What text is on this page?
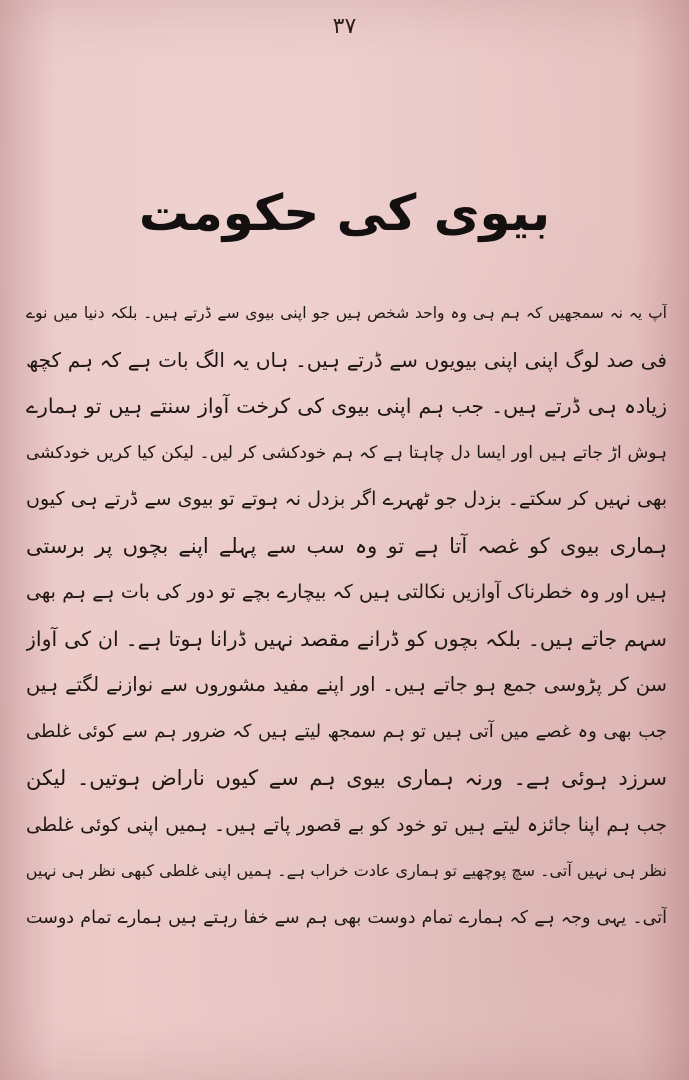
۳۷
بیوی کی حکومت
آپ یہ نہ سمجھیں کہ ہم ہی وہ واحد شخص ہیں جو اپنی بیوی سے ڈرتے ہیں۔ بلکہ دنیا میں نوے
فی صد لوگ اپنی اپنی بیویوں سے ڈرتے ہیں۔ ہاں یہ الگ بات ہے کہ ہم کچھ
زیادہ ہی ڈرتے ہیں۔ جب ہم اپنی بیوی کی کرخت آواز سنتے ہیں تو ہمارے
ہوش اڑ جاتے ہیں اور ایسا دل چاہتا ہے کہ ہم خودکشی کر لیں۔ لیکن کیا کریں خودکشی
بھی نہیں کر سکتے۔ بزدل جو ٹھہرے اگر بزدل نہ ہوتے تو بیوی سے ڈرتے ہی کیوں
ہماری بیوی کو غصہ آتا ہے تو وہ سب سے پہلے اپنے بچوں پر برستی
ہیں اور وہ خطرناک آوازیں نکالتی ہیں کہ بیچارے بچے تو دور کی بات ہے ہم بھی
سہم جاتے ہیں۔ بلکہ بچوں کو ڈرانے مقصد نہیں ڈرانا ہوتا ہے۔ ان کی آواز
سن کر پڑوسی جمع ہو جاتے ہیں۔ اور اپنے مفید مشوروں سے نوازنے لگتے ہیں
جب بھی وہ غصے میں آتی ہیں تو ہم سمجھ لیتے ہیں کہ ضرور ہم سے کوئی غلطی
سرزد ہوئی ہے۔ ورنہ ہماری بیوی ہم سے کیوں ناراض ہوتیں۔ لیکن
جب ہم اپنا جائزہ لیتے ہیں تو خود کو بے قصور پاتے ہیں۔ ہمیں اپنی کوئی غلطی
نظر ہی نہیں آتی۔ سچ پوچھیے تو ہماری عادت خراب ہے۔ ہمیں اپنی غلطی کبھی نظر ہی نہیں
آتی۔ یہی وجہ ہے کہ ہمارے تمام دوست بھی ہم سے خفا رہتے ہیں ہمارے تمام دوست
